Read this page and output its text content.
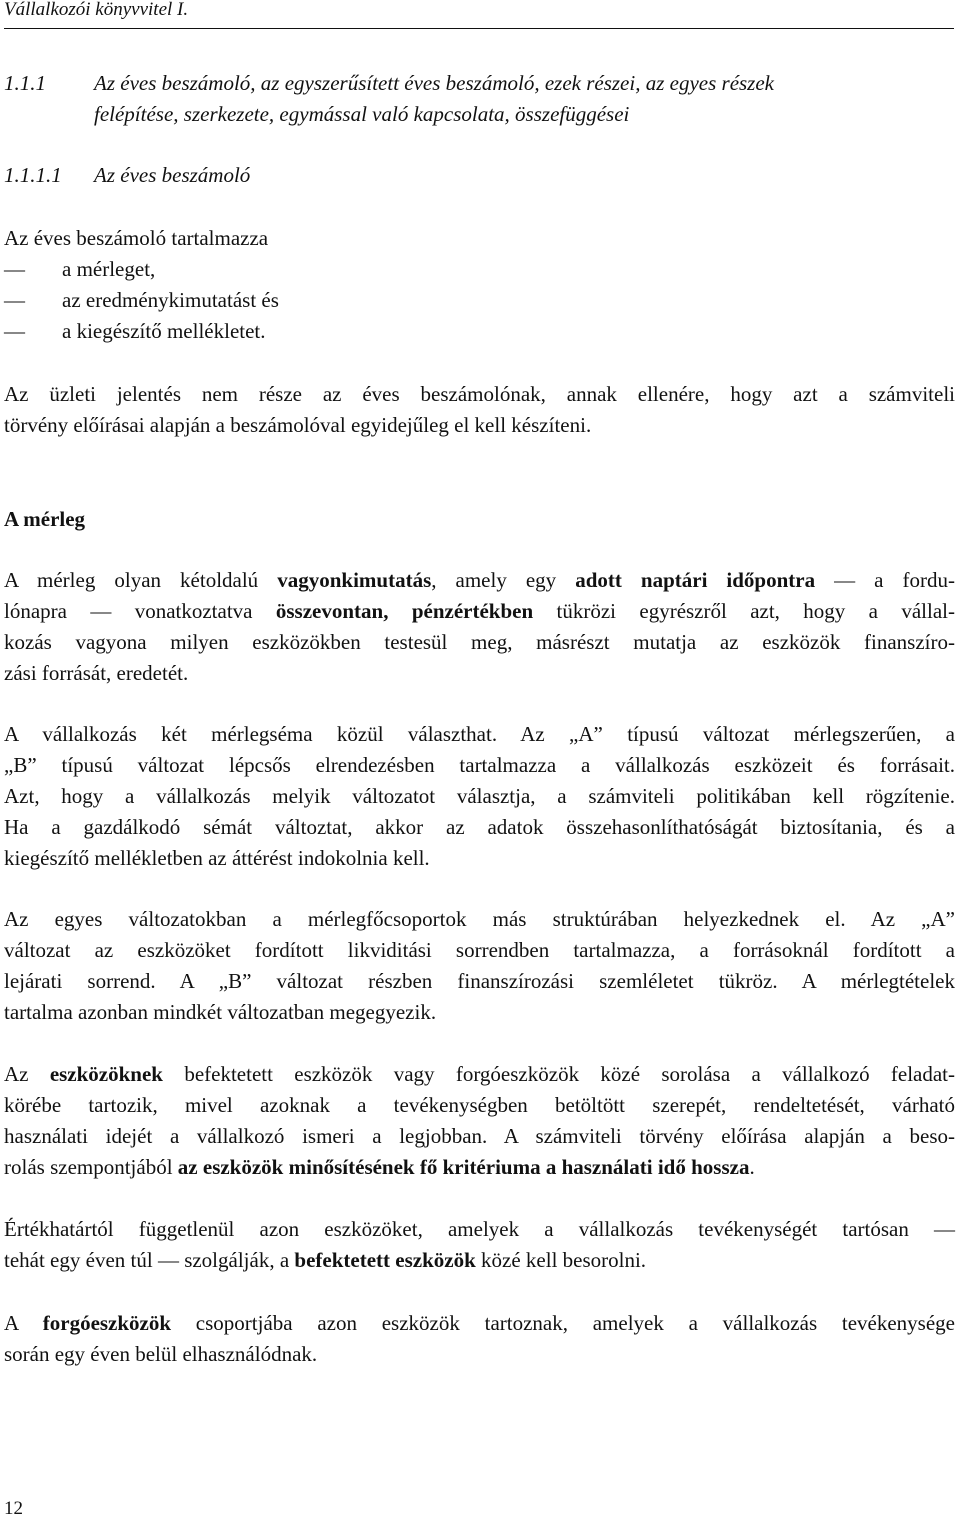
Vállalkozói könyvvitel I.
1.1.1 Az éves beszámoló, az egyszerűsített éves beszámoló, ezek részei, az egyes részek
felépítése, szerkezete, egymással való kapcsolata, összefüggései
1.1.1.1 Az éves beszámoló
Az éves beszámoló tartalmazza
— a mérleget,
— az eredménykimutatást és
— a kiegészítő mellékletet.
Az üzleti jelentés nem része az éves beszámolónak, annak ellenére, hogy azt a számviteli
törvény előírásai alapján a beszámolóval egyidejűleg el kell készíteni.
A mérleg
A mérleg olyan kétoldalú vagyonkimutatás, amely egy adott naptári időpontra — a fordu-
lónapra — vonatkoztatva összevontan, pénzértékben tükrözi egyrészről azt, hogy a vállal-
kozás vagyona milyen eszközökben testesül meg, másrészt mutatja az eszközök finanszíro-
zási forrását, eredetét.
A vállalkozás két mérlegséma közül választhat. Az „A” típusú változat mérlegszerűen, a
„B” típusú változat lépcsős elrendezésben tartalmazza a vállalkozás eszközeit és forrásait.
Azt, hogy a vállalkozás melyik változatot választja, a számviteli politikában kell rögzítenie.
Ha a gazdálkodó sémát változtat, akkor az adatok összehasonlíthatóságát biztosítania, és a
kiegészítő mellékletben az áttérést indokolnia kell.
Az egyes változatokban a mérlegfőcsoportok más struktúrában helyezkednek el. Az „A”
változat az eszközöket fordított likviditási sorrendben tartalmazza, a forrásoknál fordított a
lejárati sorrend. A „B” változat részben finanszírozási szemléletet tükröz. A mérlegtételek
tartalma azonban mindkét változatban megegyezik.
Az eszközöknek befektetett eszközök vagy forgóeszközök közé sorolása a vállalkozó feladat-
körébe tartozik, mivel azoknak a tevékenységben betöltött szerepét, rendeltetését, várható
használati idejét a vállalkozó ismeri a legjobban. A számviteli törvény előírása alapján a beso-
rolás szempontjából az eszközök minősítésének fő kritériuma a használati idő hossza.
Értékhatártól függetlenül azon eszközöket, amelyek a vállalkozás tevékenységét tartósan —
tehát egy éven túl — szolgálják, a befektetett eszközök közé kell besorolni.
A forgóeszközök csoportjába azon eszközök tartoznak, amelyek a vállalkozás tevékenysége
során egy éven belül elhasználódnak.
12
